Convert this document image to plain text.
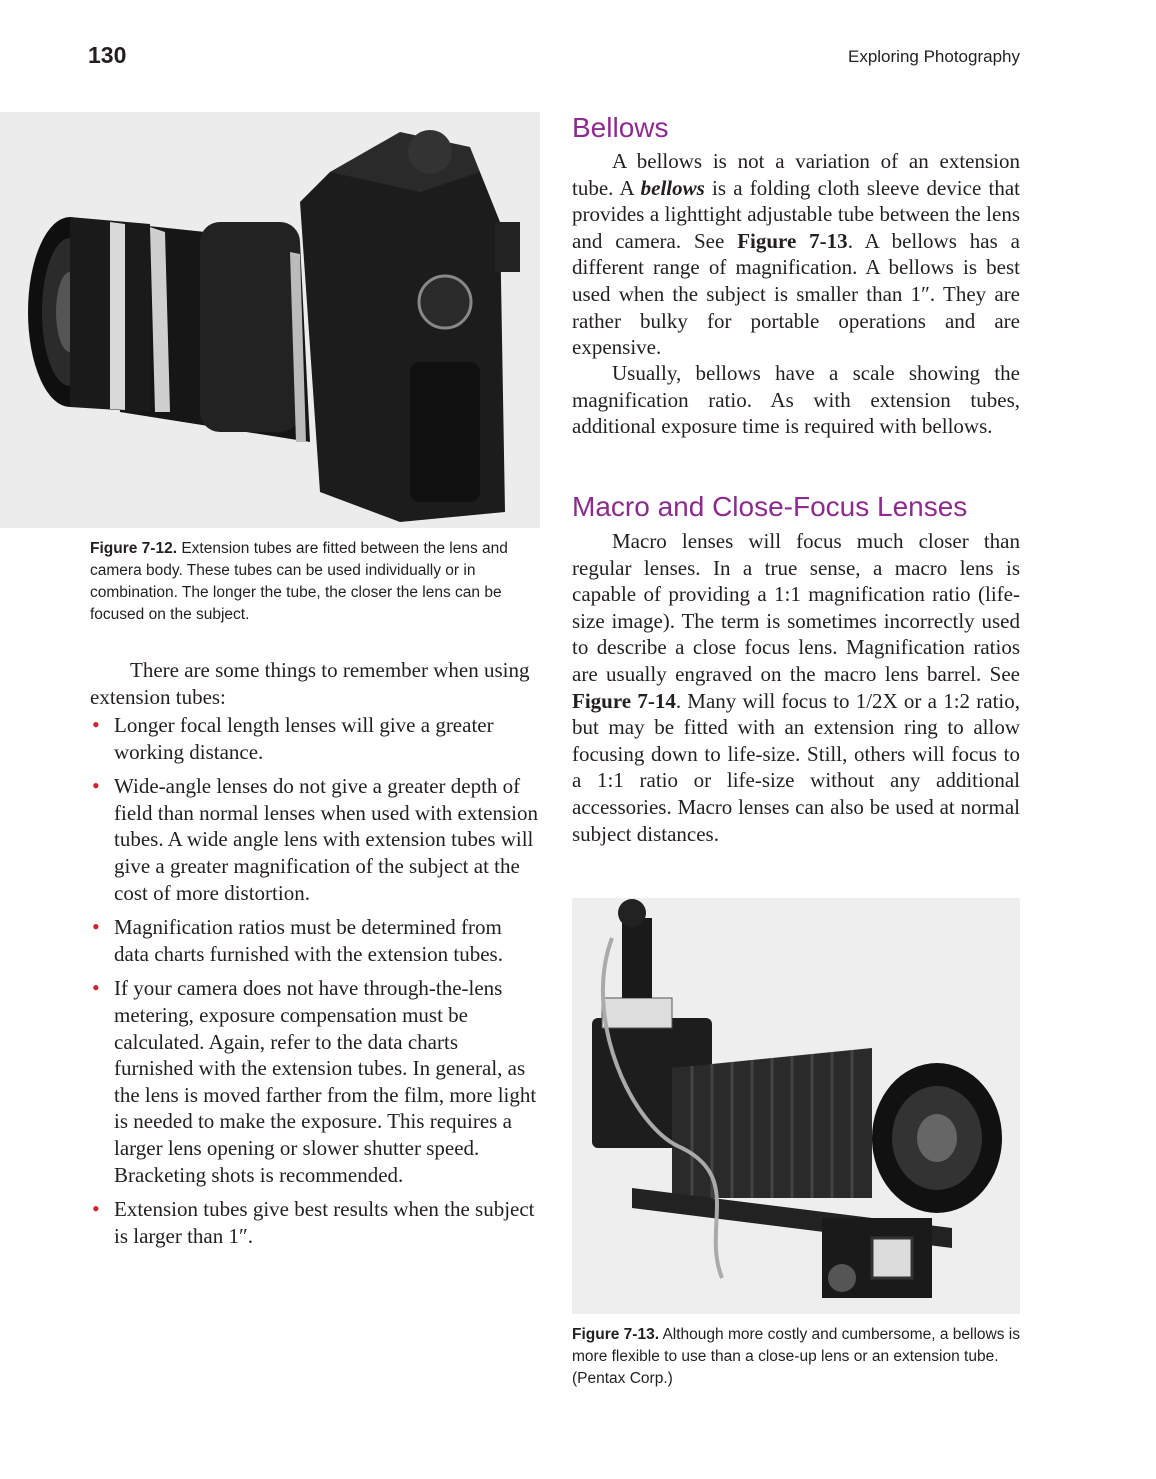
130	Exploring Photography
Figure 7-12. Extension tubes are fitted between the lens and camera body. These tubes can be used individually or in combination. The longer the tube, the closer the lens can be focused on the subject.

There are some things to remember when using extension tubes:

• Longer focal length lenses will give a greater working distance.
• Wide-angle lenses do not give a greater depth of field than normal lenses when used with extension tubes. A wide angle lens with extension tubes will give a greater magnification of the subject at the cost of more distortion.
• Magnification ratios must be determined from data charts furnished with the extension tubes.
• If your camera does not have through-the-lens metering, exposure compensation must be calculated. Again, refer to the data charts furnished with the extension tubes. In general, as the lens is moved farther from the film, more light is needed to make the exposure. This requires a larger lens opening or slower shutter speed. Bracketing shots is recommended.
• Extension tubes give best results when the subject is larger than 1″.
Bellows

A bellows is not a variation of an extension tube. A bellows is a folding cloth sleeve device that provides a lighttight adjustable tube between the lens and camera. See Figure 7-13. A bellows has a different range of magnification. A bellows is best used when the subject is smaller than 1″. They are rather bulky for portable operations and are expensive.

Usually, bellows have a scale showing the magnification ratio. As with extension tubes, additional exposure time is required with bellows.

Macro and Close-Focus Lenses

Macro lenses will focus much closer than regular lenses. In a true sense, a macro lens is capable of providing a 1:1 magnification ratio (life-size image). The term is sometimes incorrectly used to describe a close focus lens. Magnification ratios are usually engraved on the macro lens barrel. See Figure 7-14. Many will focus to 1/2X or a 1:2 ratio, but may be fitted with an extension ring to allow focusing down to life-size. Still, others will focus to a 1:1 ratio or life-size without any additional accessories. Macro lenses can also be used at normal subject distances.

Figure 7-13. Although more costly and cumbersome, a bellows is more flexible to use than a close-up lens or an extension tube. (Pentax Corp.)
